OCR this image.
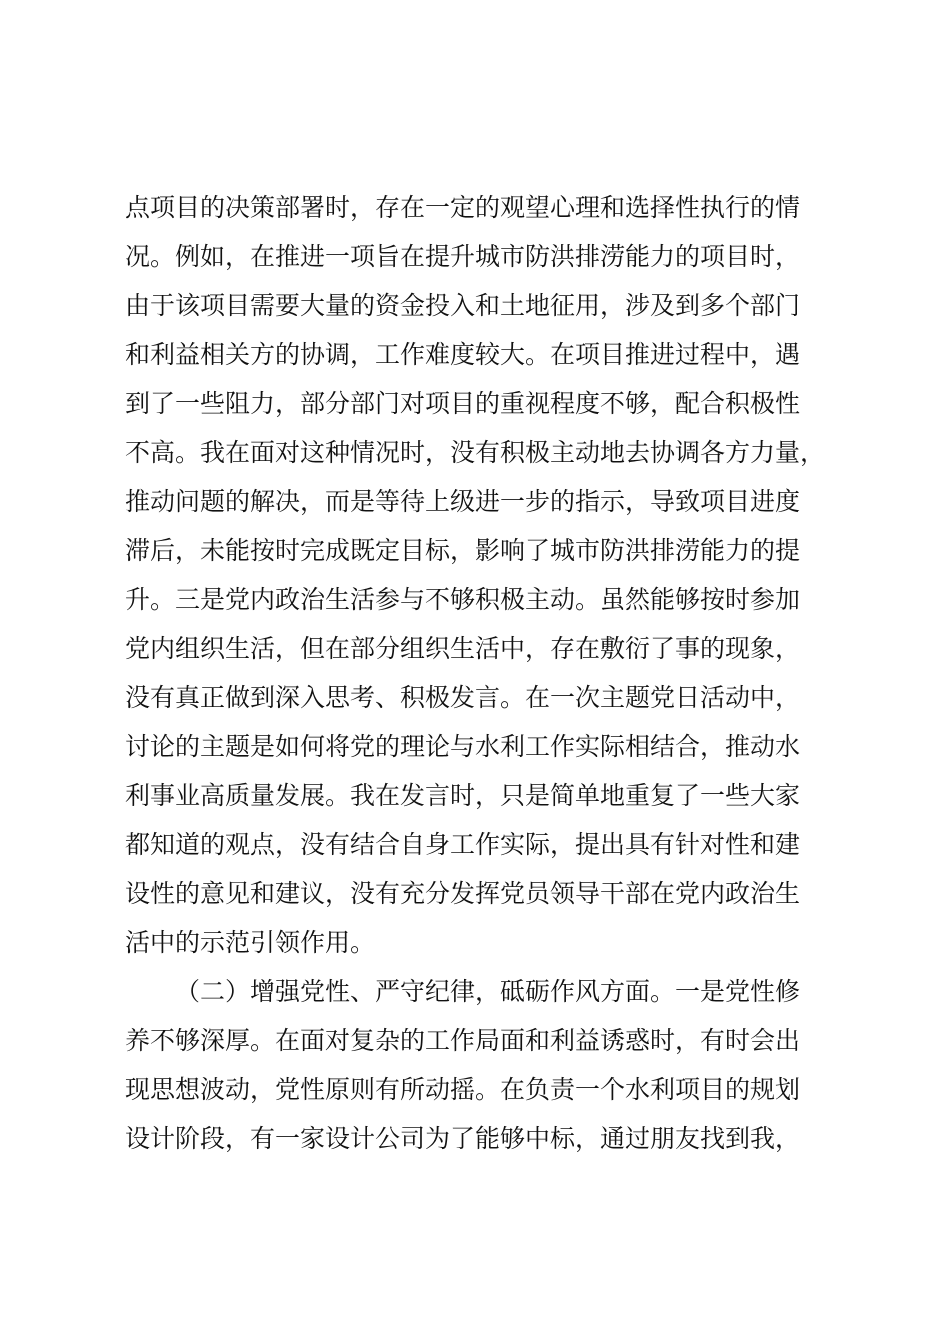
点项目的决策部署时，存在一定的观望心理和选择性执行的情
况。例如，在推进一项旨在提升城市防洪排涝能力的项目时，
由于该项目需要大量的资金投入和土地征用，涉及到多个部门
和利益相关方的协调，工作难度较大。在项目推进过程中，遇
到了一些阻力，部分部门对项目的重视程度不够，配合积极性
不高。我在面对这种情况时，没有积极主动地去协调各方力量，
推动问题的解决，而是等待上级进一步的指示，导致项目进度
滞后，未能按时完成既定目标，影响了城市防洪排涝能力的提
升。三是党内政治生活参与不够积极主动。虽然能够按时参加
党内组织生活，但在部分组织生活中，存在敷衍了事的现象，
没有真正做到深入思考、积极发言。在一次主题党日活动中，
讨论的主题是如何将党的理论与水利工作实际相结合，推动水
利事业高质量发展。我在发言时，只是简单地重复了一些大家
都知道的观点，没有结合自身工作实际，提出具有针对性和建
设性的意见和建议，没有充分发挥党员领导干部在党内政治生
活中的示范引领作用。
（二）增强党性、严守纪律，砥砺作风方面。一是党性修
养不够深厚。在面对复杂的工作局面和利益诱惑时，有时会出
现思想波动，党性原则有所动摇。在负责一个水利项目的规划
设计阶段，有一家设计公司为了能够中标，通过朋友找到我，
